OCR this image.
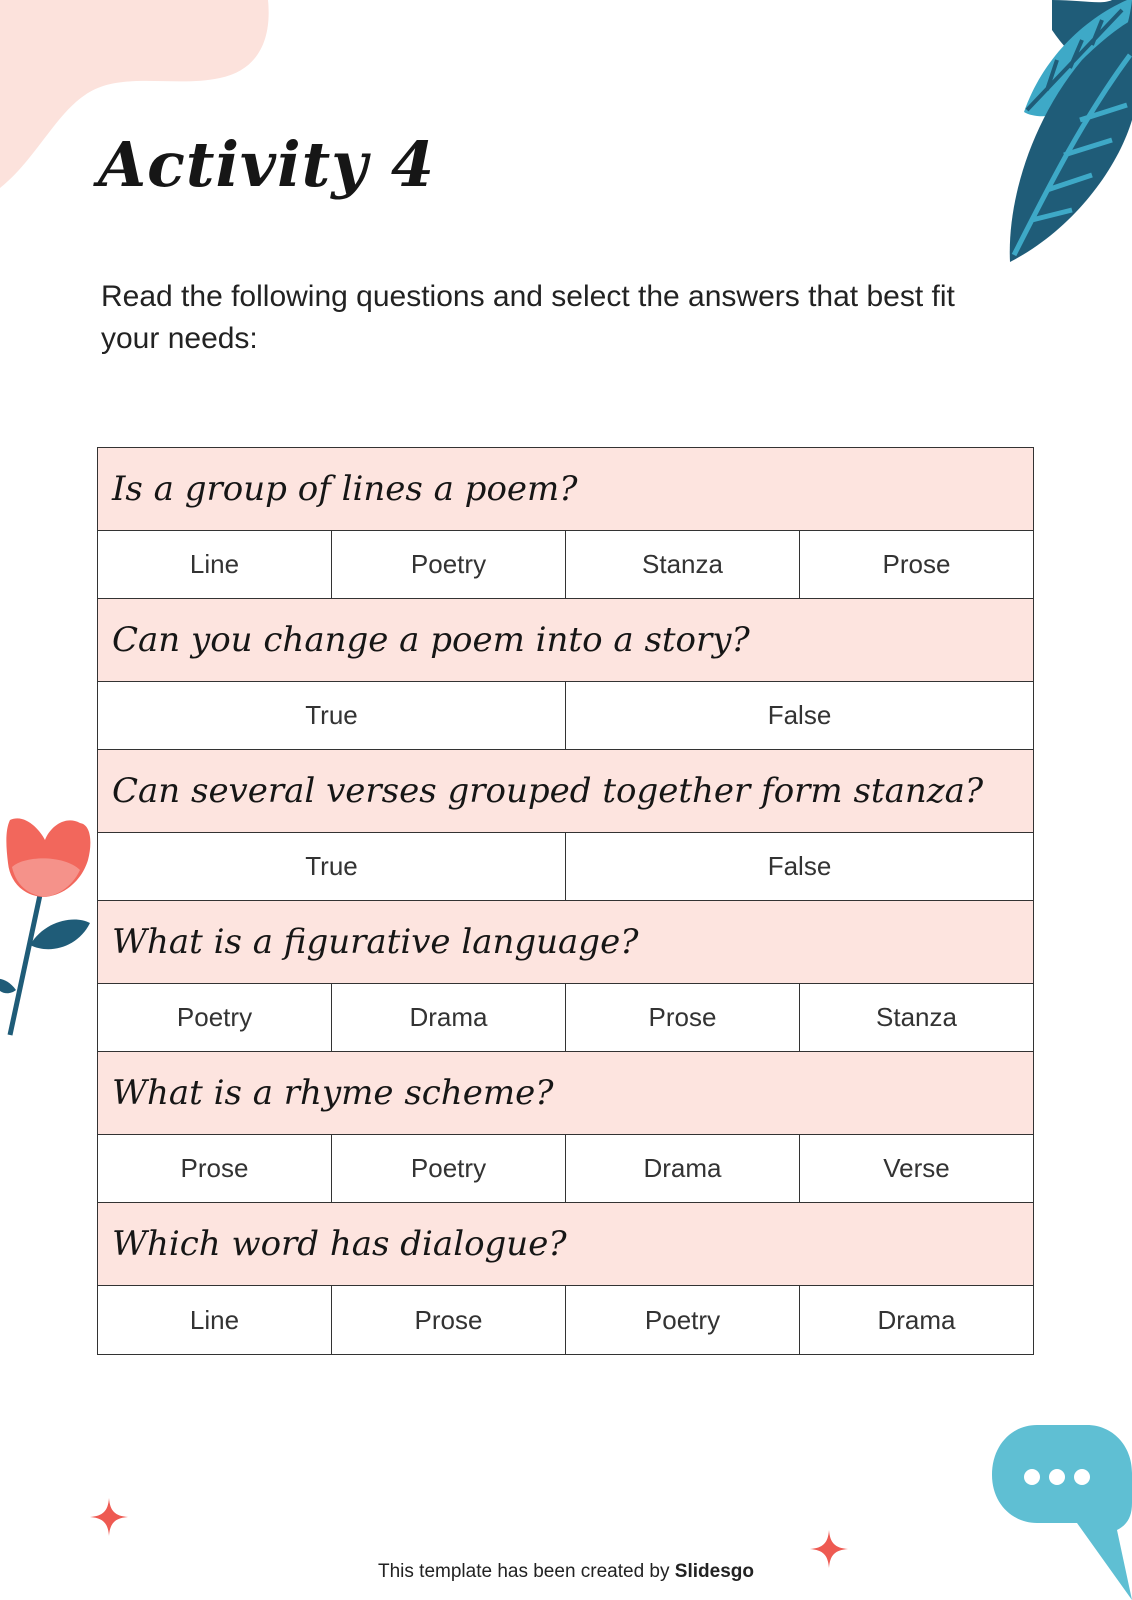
Activity 4

Read the following questions and select the answers that best fit your needs:

Is a group of lines a poem?
Line	Poetry	Stanza	Prose
Can you change a poem into a story?
True	False
Can several verses grouped together form stanza?
True	False
What is a figurative language?
Poetry	Drama	Prose	Stanza
What is a rhyme scheme?
Prose	Poetry	Drama	Verse
Which word has dialogue?
Line	Prose	Poetry	Drama
This template has been created by Slidesgo
